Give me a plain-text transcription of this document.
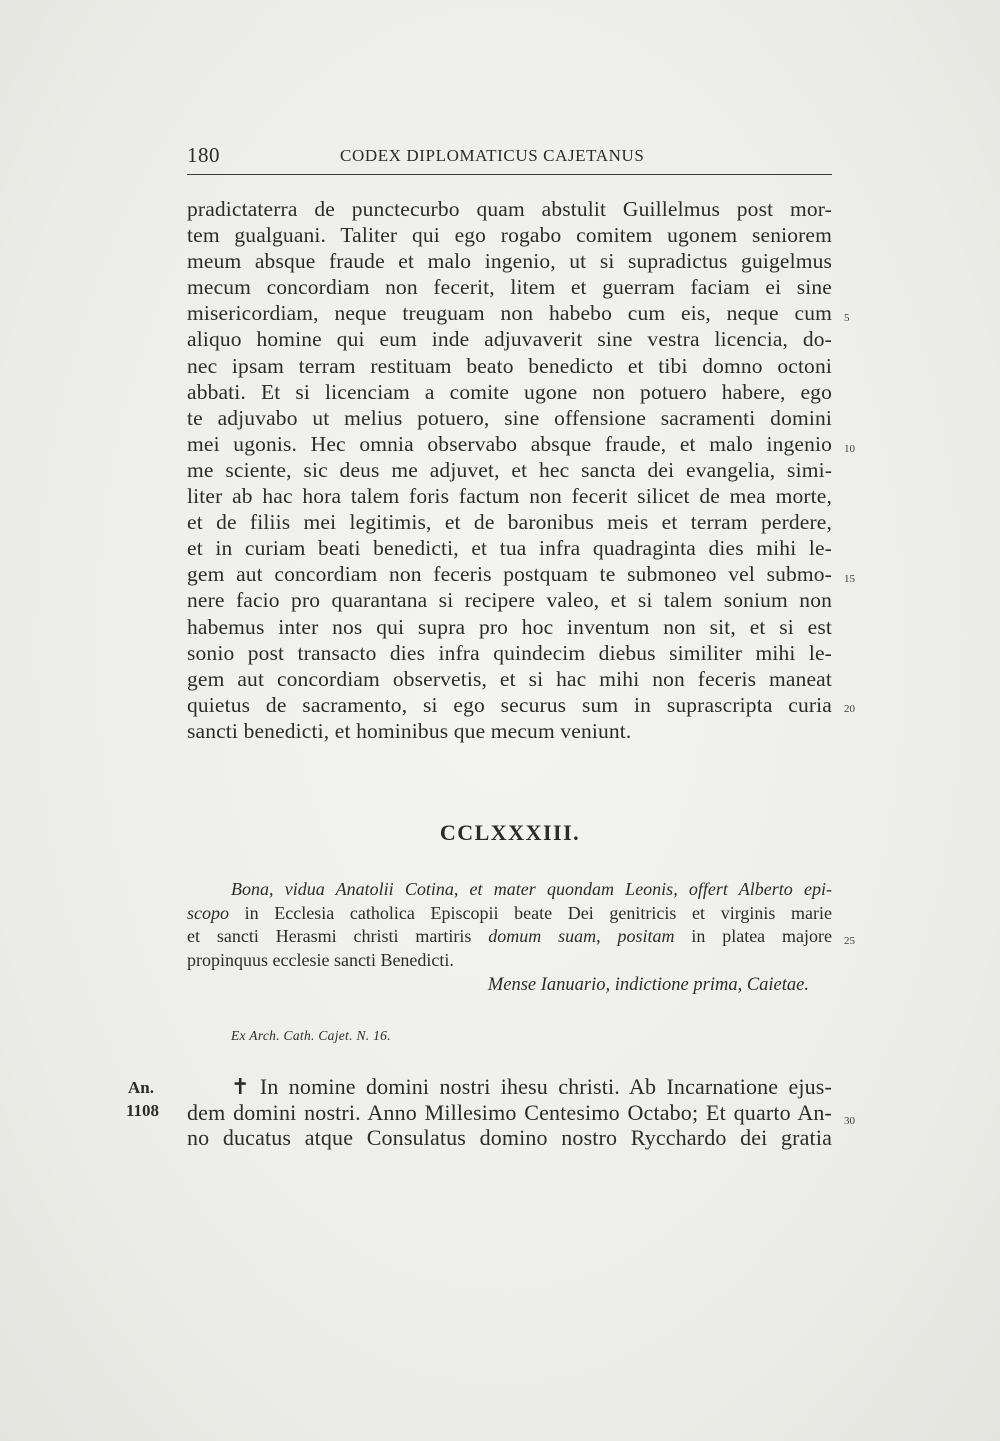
180	CODEX DIPLOMATICUS CAJETANUS
pradictaterra de punctecurbo quam abstulit Guillelmus post mor-
tem gualguani. Taliter qui ego rogabo comitem ugonem seniorem
meum absque fraude et malo ingenio, ut si supradictus guigelmus
mecum concordiam non fecerit, litem et guerram faciam ei sine
misericordiam, neque treuguam non habebo cum eis, neque cum
aliquo homine qui eum inde adjuvaverit sine vestra licencia, do-
nec ipsam terram restituam beato benedicto et tibi domno octoni
abbati. Et si licenciam a comite ugone non potuero habere, ego
te adjuvabo ut melius potuero, sine offensione sacramenti domini
mei ugonis. Hec omnia observabo absque fraude, et malo ingenio
me sciente, sic deus me adjuvet, et hec sancta dei evangelia, simi-
liter ab hac hora talem foris factum non fecerit silicet de mea morte,
et de filiis mei legitimis, et de baronibus meis et terram perdere,
et in curiam beati benedicti, et tua infra quadraginta dies mihi le-
gem aut concordiam non feceris postquam te submoneo vel submo-
nere facio pro quarantana si recipere valeo, et si talem sonium non
habemus inter nos qui supra pro hoc inventum non sit, et si est
sonio post transacto dies infra quindecim diebus similiter mihi le-
gem aut concordiam observetis, et si hac mihi non feceris maneat
quietus de sacramento, si ego securus sum in suprascripta curia
sancti benedicti, et hominibus que mecum veniunt.
5
10
15
20
25
30
CCLXXXIII.
Bona, vidua Anatolii Cotina, et mater quondam Leonis, offert Alberto epi-
scopo in Ecclesia catholica Episcopii beate Dei genitricis et virginis marie
et sancti Herasmi christi martiris domum suam, positam in platea majore
propinquus ecclesie sancti Benedicti.
Mense Ianuario, indictione prima, Caietae.
Ex Arch. Cath. Cajet. N. 16.
An.
1108
✝ In nomine domini nostri ihesu christi. Ab Incarnatione ejus-
dem domini nostri. Anno Millesimo Centesimo Octabo; Et quarto An-
no ducatus atque Consulatus domino nostro Rycchardo dei gratia
